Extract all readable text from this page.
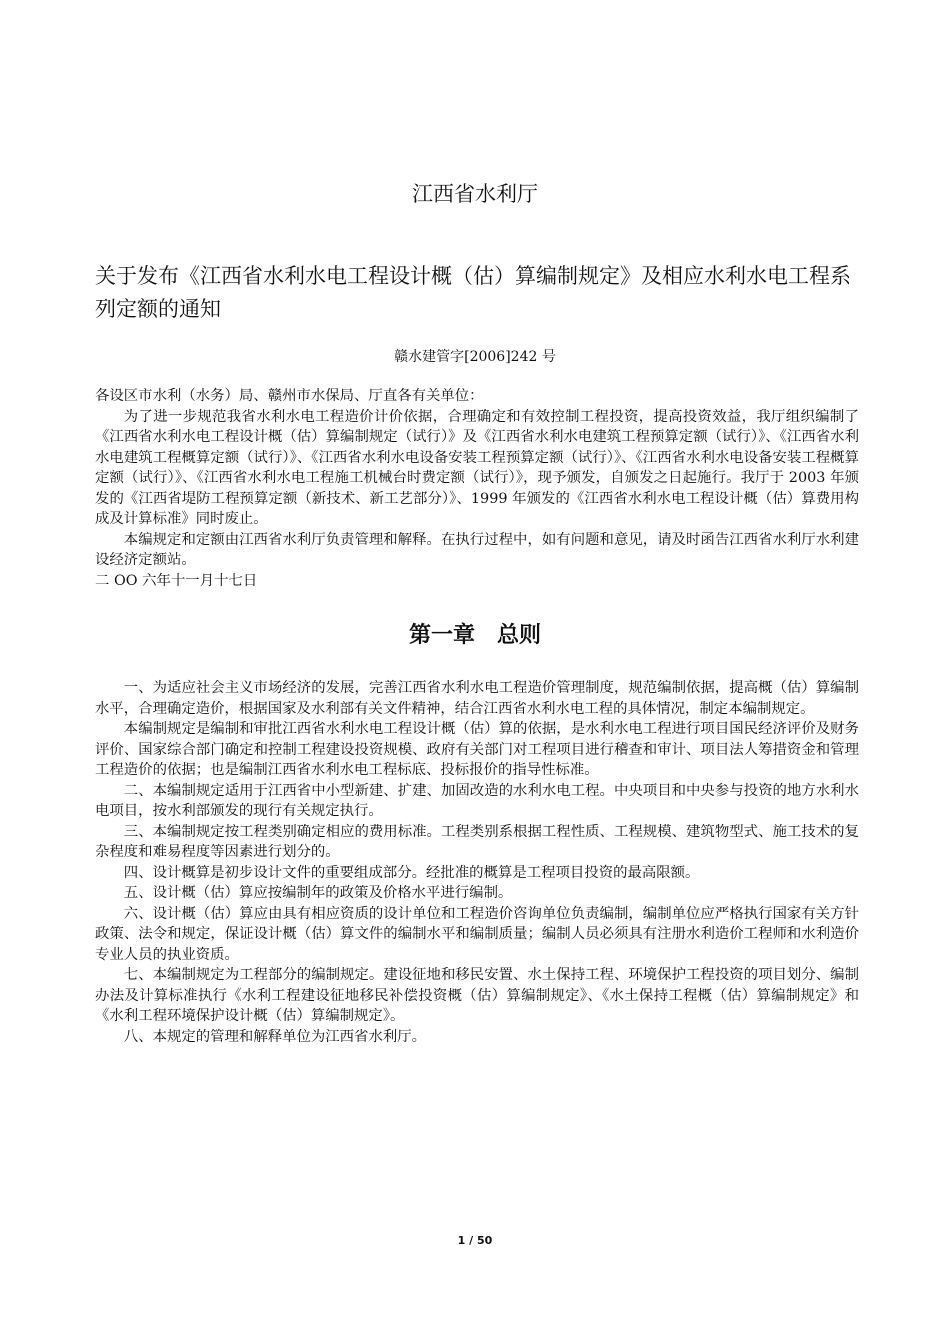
江西省水利厅
关于发布《江西省水利水电工程设计概（估）算编制规定》及相应水利水电工程系列定额的通知
赣水建管字[2006]242 号

各设区市水利（水务）局、赣州市水保局、厅直各有关单位：

为了进一步规范我省水利水电工程造价计价依据，合理确定和有效控制工程投资，提高投资效益，我厅组织编制了《江西省水利水电工程设计概（估）算编制规定（试行）》及《江西省水利水电建筑工程预算定额（试行）》、《江西省水利水电建筑工程概算定额（试行）》、《江西省水利水电设备安装工程预算定额（试行）》、《江西省水利水电设备安装工程概算定额（试行）》、《江西省水利水电工程施工机械台时费定额（试行）》，现予颁发，自颁发之日起施行。我厅于 2003 年颁发的《江西省堤防工程预算定额（新技术、新工艺部分）》、1999 年颁发的《江西省水利水电工程设计概（估）算费用构成及计算标准》同时废止。

本编规定和定额由江西省水利厅负责管理和解释。在执行过程中，如有问题和意见，请及时函告江西省水利厅水利建设经济定额站。

二 OO 六年十一月十七日

第一章　总则

一、为适应社会主义市场经济的发展，完善江西省水利水电工程造价管理制度，规范编制依据，提高概（估）算编制水平，合理确定造价，根据国家及水利部有关文件精神，结合江西省水利水电工程的具体情况，制定本编制规定。

本编制规定是编制和审批江西省水利水电工程设计概（估）算的依据，是水利水电工程进行项目国民经济评价及财务评价、国家综合部门确定和控制工程建设投资规模、政府有关部门对工程项目进行稽查和审计、项目法人筹措资金和管理工程造价的依据；也是编制江西省水利水电工程标底、投标报价的指导性标准。

二、本编制规定适用于江西省中小型新建、扩建、加固改造的水利水电工程。中央项目和中央参与投资的地方水利水电项目，按水利部颁发的现行有关规定执行。

三、本编制规定按工程类别确定相应的费用标准。工程类别系根据工程性质、工程规模、建筑物型式、施工技术的复杂程度和难易程度等因素进行划分的。

四、设计概算是初步设计文件的重要组成部分。经批准的概算是工程项目投资的最高限额。

五、设计概（估）算应按编制年的政策及价格水平进行编制。

六、设计概（估）算应由具有相应资质的设计单位和工程造价咨询单位负责编制，编制单位应严格执行国家有关方针政策、法令和规定，保证设计概（估）算文件的编制水平和编制质量；编制人员必须具有注册水利造价工程师和水利造价专业人员的执业资质。

七、本编制规定为工程部分的编制规定。建设征地和移民安置、水土保持工程、环境保护工程投资的项目划分、编制办法及计算标准执行《水利工程建设征地移民补偿投资概（估）算编制规定》、《水土保持工程概（估）算编制规定》和《水利工程环境保护设计概（估）算编制规定》。

八、本规定的管理和解释单位为江西省水利厅。

1 / 50
